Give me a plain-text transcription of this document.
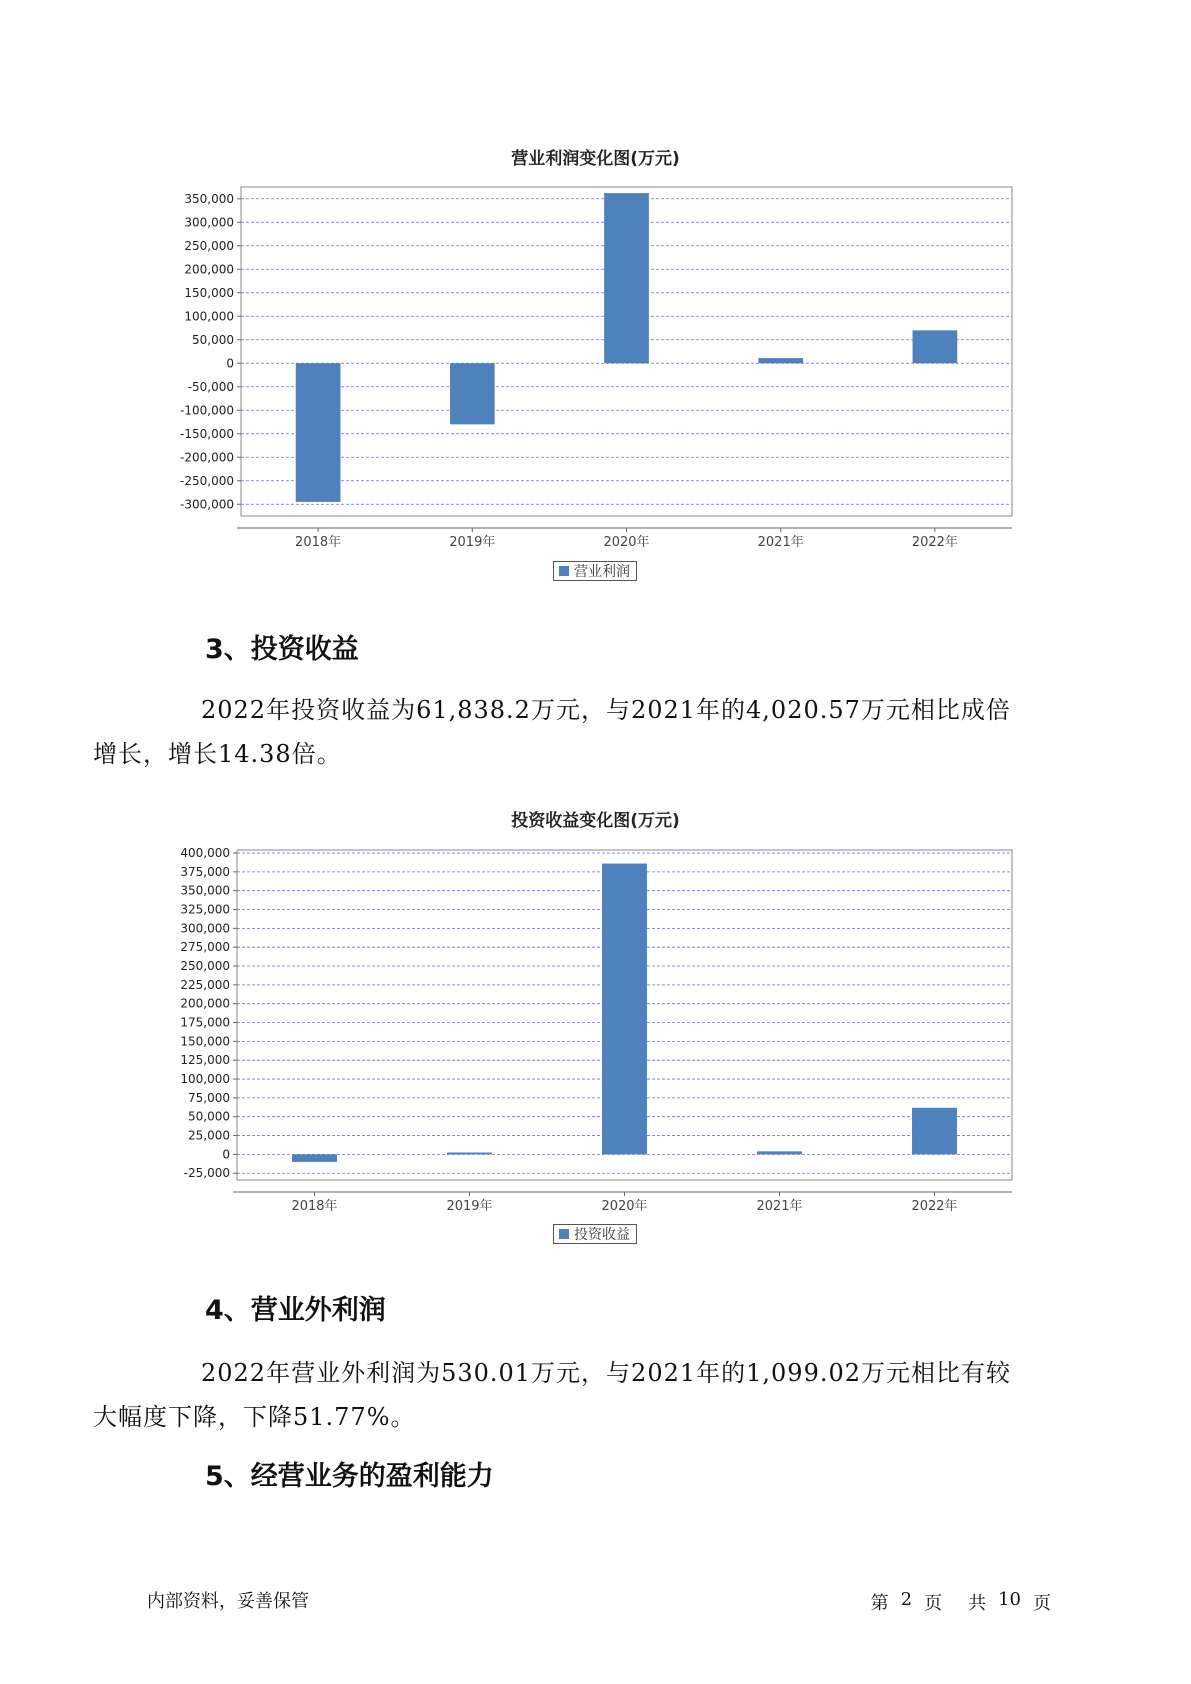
营业利润变化图(万元)
350,000
300,000
250,000
200,000
150,000
100,000
50,000
0
-50,000
-100,000
-150,000
-200,000
-250,000
-300,000
2018年	2019年	2020年	2021年	2022年
营业利润
3、投资收益
2022年投资收益为61,838.2万元，与2021年的4,020.57万元相比成倍
增长，增长14.38倍。
投资收益变化图(万元)
400,000
375,000
350,000
325,000
300,000
275,000
250,000
225,000
200,000
175,000
150,000
125,000
100,000
75,000
50,000
25,000
0
-25,000
2018年	2019年	2020年	2021年	2022年
投资收益
4、营业外利润
2022年营业外利润为530.01万元，与2021年的1,099.02万元相比有较
大幅度下降，下降51.77%。
5、经营业务的盈利能力
内部资料，妥善保管	第 2 页 共 10 页
